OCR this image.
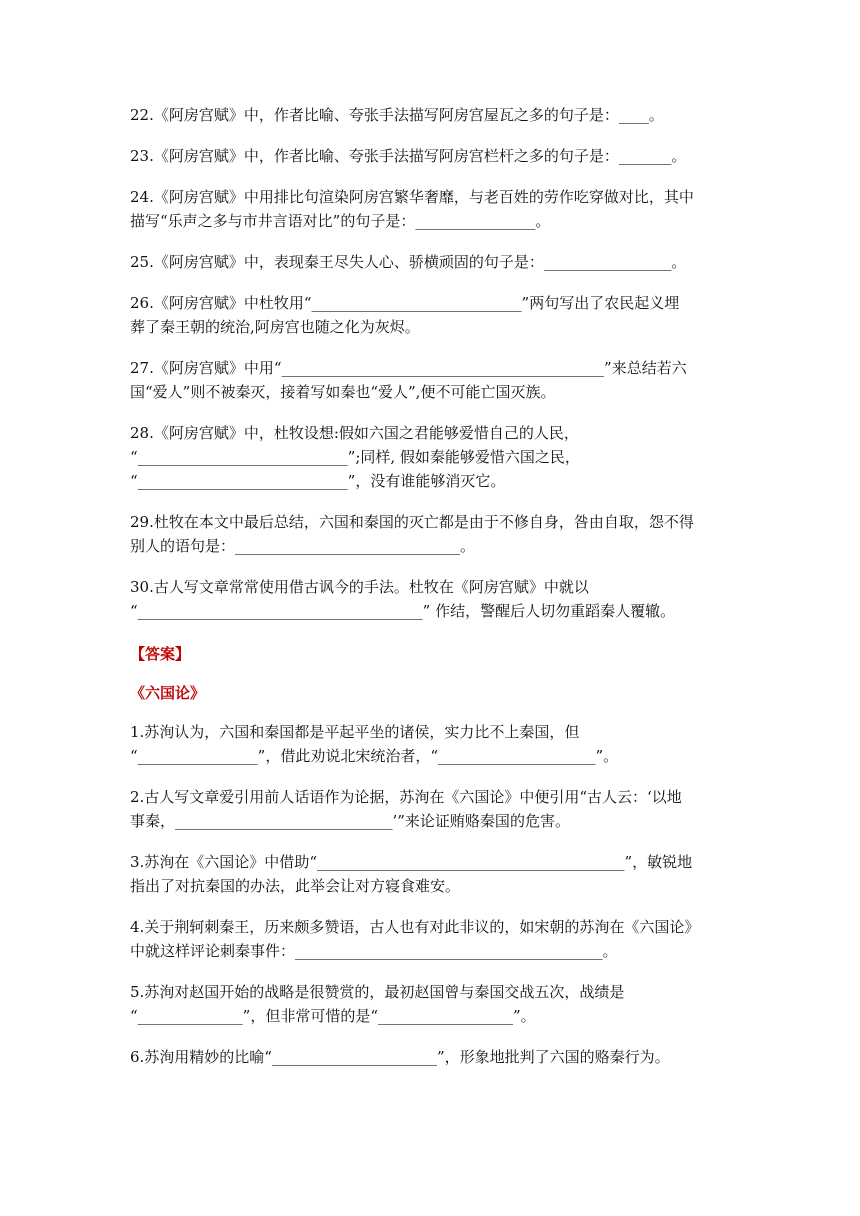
22.《阿房宫赋》中，作者比喻、夸张手法描写阿房宫屋瓦之多的句子是：____。

23.《阿房宫赋》中，作者比喻、夸张手法描写阿房宫栏杆之多的句子是：_______。

24.《阿房宫赋》中用排比句渲染阿房宫繁华奢靡，与老百姓的劳作吃穿做对比，其中
描写“乐声之多与市井言语对比”的句子是：________________。

25.《阿房宫赋》中，表现秦王尽失人心、骄横顽固的句子是：_________________。

26.《阿房宫赋》中杜牧用“____________________________”两句写出了农民起义埋
葬了秦王朝的统治,阿房宫也随之化为灰烬。

27.《阿房宫赋》中用“___________________________________________”来总结若六
国“爱人”则不被秦灭，接着写如秦也“爱人”,便不可能亡国灭族。

28.《阿房宫赋》中，杜牧设想:假如六国之君能够爱惜自己的人民，
“____________________________”;同样, 假如秦能够爱惜六国之民，
“____________________________”，没有谁能够消灭它。

29.杜牧在本文中最后总结，六国和秦国的灭亡都是由于不修自身，咎由自取，怨不得
别人的语句是：______________________________。

30.古人写文章常常使用借古讽今的手法。杜牧在《阿房宫赋》中就以
“______________________________________” 作结，警醒后人切勿重蹈秦人覆辙。

【答案】
《六国论》

1.苏洵认为，六国和秦国都是平起平坐的诸侯，实力比不上秦国，但
“________________”，借此劝说北宋统治者，“_____________________”。

2.古人写文章爱引用前人话语作为论据，苏洵在《六国论》中便引用“古人云：‘以地
事秦，_____________________________’”来论证贿赂秦国的危害。

3.苏洵在《六国论》中借助“_________________________________________”，敏锐地
指出了对抗秦国的办法，此举会让对方寝食难安。

4.关于荆轲刺秦王，历来颇多赞语，古人也有对此非议的，如宋朝的苏洵在《六国论》
中就这样评论刺秦事件：_________________________________________。

5.苏洵对赵国开始的战略是很赞赏的，最初赵国曾与秦国交战五次，战绩是
“______________”，但非常可惜的是“__________________”。

6.苏洵用精妙的比喻“______________________”，形象地批判了六国的赂秦行为。
